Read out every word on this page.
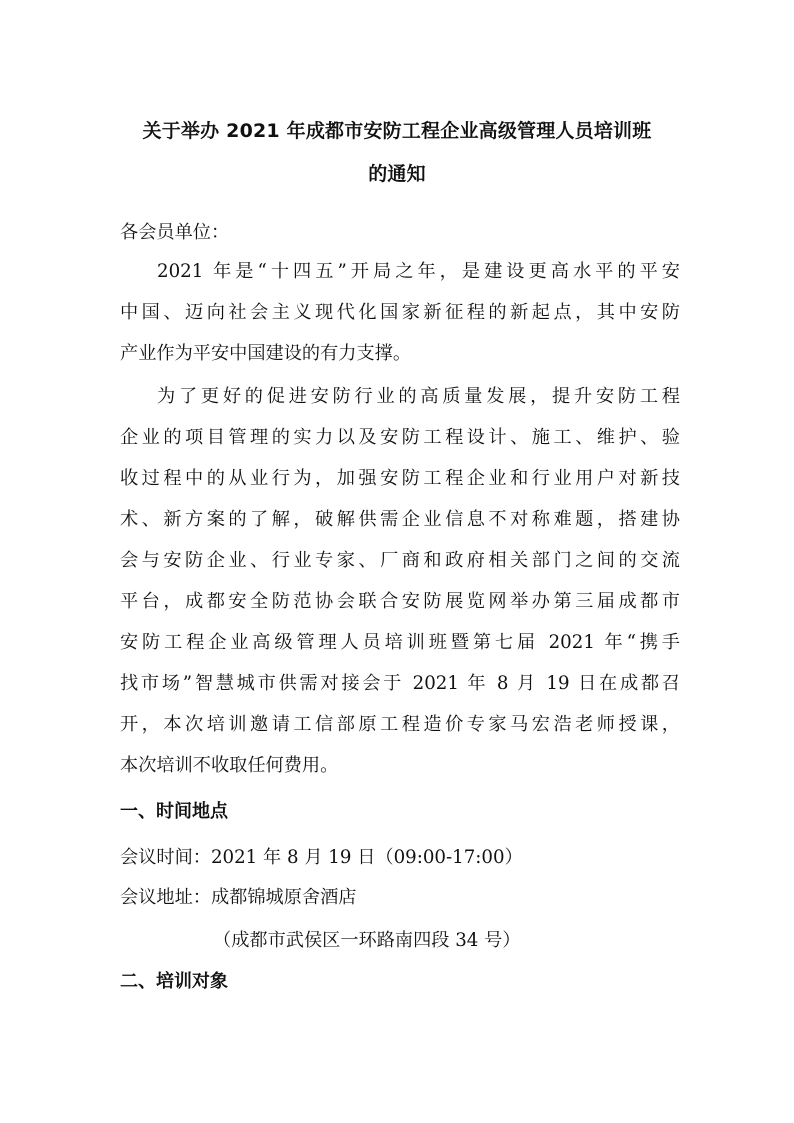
关于举办 2021 年成都市安防工程企业高级管理人员培训班
的通知
各会员单位：
2021 年是“十四五”开局之年，是建设更高水平的平安
中国、迈向社会主义现代化国家新征程的新起点，其中安防
产业作为平安中国建设的有力支撑。
为了更好的促进安防行业的高质量发展，提升安防工程
企业的项目管理的实力以及安防工程设计、施工、维护、验
收过程中的从业行为，加强安防工程企业和行业用户对新技
术、新方案的了解，破解供需企业信息不对称难题，搭建协
会与安防企业、行业专家、厂商和政府相关部门之间的交流
平台，成都安全防范协会联合安防展览网举办第三届成都市
安防工程企业高级管理人员培训班暨第七届 2021 年“携手
找市场”智慧城市供需对接会于 2021 年 8 月 19 日在成都召
开，本次培训邀请工信部原工程造价专家马宏浩老师授课，
本次培训不收取任何费用。
一、时间地点
会议时间：2021 年 8 月 19 日（09:00-17:00）
会议地址：成都锦城原舍酒店
（成都市武侯区一环路南四段 34 号）
二、培训对象
